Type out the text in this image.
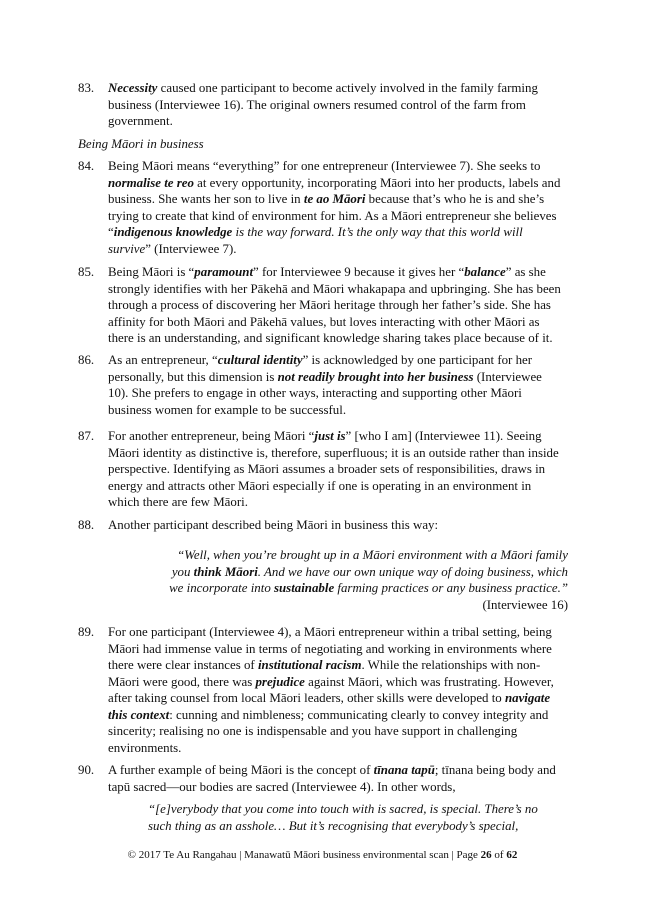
83.	Necessity caused one participant to become actively involved in the family farming
business (Interviewee 16). The original owners resumed control of the farm from
government.
Being Māori in business
84.	Being Māori means “everything” for one entrepreneur (Interviewee 7). She seeks to
normalise te reo at every opportunity, incorporating Māori into her products, labels and
business. She wants her son to live in te ao Māori because that’s who he is and she’s
trying to create that kind of environment for him. As a Māori entrepreneur she believes
“indigenous knowledge is the way forward. It’s the only way that this world will
survive” (Interviewee 7).
85.	Being Māori is “paramount” for Interviewee 9 because it gives her “balance” as she
strongly identifies with her Pākehā and Māori whakapapa and upbringing. She has been
through a process of discovering her Māori heritage through her father’s side. She has
affinity for both Māori and Pākehā values, but loves interacting with other Māori as
there is an understanding, and significant knowledge sharing takes place because of it.
86.	As an entrepreneur, “cultural identity” is acknowledged by one participant for her
personally, but this dimension is not readily brought into her business (Interviewee
10). She prefers to engage in other ways, interacting and supporting other Māori
business women for example to be successful.
87.	For another entrepreneur, being Māori “just is” [who I am] (Interviewee 11). Seeing
Māori identity as distinctive is, therefore, superfluous; it is an outside rather than inside
perspective. Identifying as Māori assumes a broader sets of responsibilities, draws in
energy and attracts other Māori especially if one is operating in an environment in
which there are few Māori.
88.	Another participant described being Māori in business this way:
“Well, when you’re brought up in a Māori environment with a Māori family
you think Māori. And we have our own unique way of doing business, which
we incorporate into sustainable farming practices or any business practice.”
(Interviewee 16)
89.	For one participant (Interviewee 4), a Māori entrepreneur within a tribal setting, being
Māori had immense value in terms of negotiating and working in environments where
there were clear instances of institutional racism. While the relationships with non-
Māori were good, there was prejudice against Māori, which was frustrating. However,
after taking counsel from local Māori leaders, other skills were developed to navigate
this context: cunning and nimbleness; communicating clearly to convey integrity and
sincerity; realising no one is indispensable and you have support in challenging
environments.
90.	A further example of being Māori is the concept of tīnana tapū; tīnana being body and
tapū sacred—our bodies are sacred (Interviewee 4). In other words,
“[e]verybody that you come into touch with is sacred, is special. There’s no
such thing as an asshole… But it’s recognising that everybody’s special,
© 2017 Te Au Rangahau | Manawatū Māori business environmental scan | Page 26 of 62
